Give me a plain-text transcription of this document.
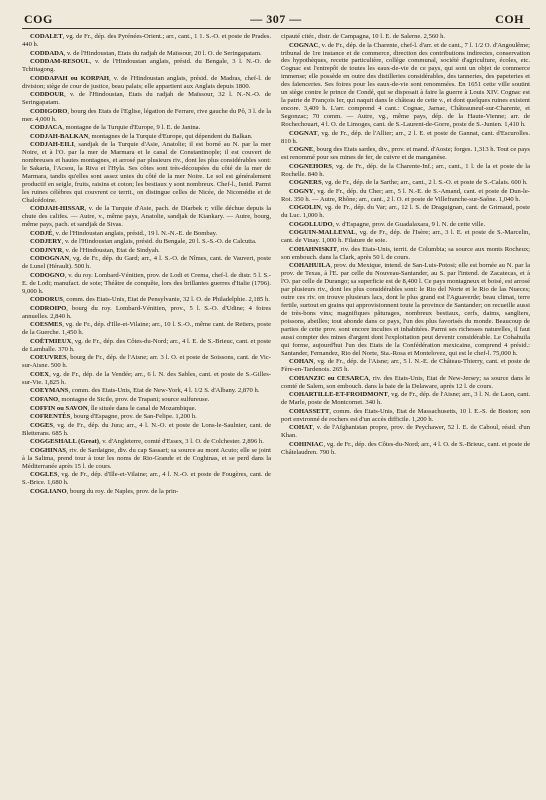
COG	— 307 —	COH

CODALET, vg. de Fr., dép. des Pyrénées-Orient.; arr., cant., 1 1. S.-O. et poste de Prades. 440 h.

CODDADA, v. de l'Hindoustan, Etats du radjah de Maïssour, 20 l. O. de Seringapatam.

CODDAM-RESOUL, v. de l'Hindoustan anglais, présid. du Bengale, 3 l. N.-O. de Tchittagong.

CODDAPAH ou KORPAH, v. de l'Hindoustan anglais, présid. de Madras, chef-l. de division; siège de cour de justice, beau palais; elle appartient aux Anglais depuis 1800.

CODDOUR, v. de l'Hindoustan, Etats du radjah de Maïssour, 32 l. N.-N.-O. de Seringapatam.

CODIGORO, bourg des Etats de l'Eglise, légation de Ferrare, rive gauche du Pô, 3 l. de la mer. 4,000 h.

CODJACA, montagne de la Turquie d'Europe, 9 l. E. de Janina.

CODJAH-BALKAN, montagnes de la Turquie d'Europe, qui dépendent du Balkan.

CODJAH-EILI, sandjak de la Turquie d'Asie, Anatolie; il est borné au N. par la mer Noire, et à l'O. par la mer de Marmara et le canal de Constantinople; il est couvert de nombreuses et hautes montagnes, et arrosé par plusieurs riv., dont les plus considérables sont: le Sakaria, l'Acsou, la Riva et l'Hyla. Ses côtes sont très-découpées du côté de la mer de Marmara, tandis qu'elles sont assez unies du côté de la mer Noire. Le sol est généralement productif en seigle, fruits, raisins et coton; les bestiaux y sont nombreux. Chef-l., Isnid. Parmi les ruines célèbres qui couvrent ce territ., on distingue celles de Nicée, de Nicomédie et de Chalcédoine.

CODJAH-HISSAR, v. de la Turquie d'Asie, pach. de Diarbek r; ville déchue depuis la chute des califes. — Autre, v., même pays, Anatolie, sandjak de Kiankary. — Autre, bourg, même pays, pach. et sandjak de Sivas.

CODJÉ, v. de l'Hindoustan anglais, présid., 19 l. N.-N.-E. de Bombay.

CODJERY, v. de l'Hindoustan anglais, présid. du Bengale, 20 l. S.-S.-O. de Calcutta.

CODJNYR, v. de l'Hindoustan, Etat de Sindyah.

CODOGNAN, vg. de Fr., dép. du Gard; arr., 4 l. S.-O. de Nîmes, cant. de Vauvert, poste de Lunel (Hérault). 500 h.

CODOGNO, v. du roy. Lombard-Vénitien, prov. de Lodi et Crema, chef-l. de distr. 5 l. S.-E. de Lodi; manufact. de soie; Théâtre de conquête, lors des brillantes guerres d'Italie (1796). 9,000 h.

CODORUS, comm. des Etats-Unis, Etat de Pensylvanie, 32 l. O. de Philadelphie. 2,185 h.

CODROIPO, bourg du roy. Lombard-Vénitien, prov., 5 l. S.-O. d'Udine; 4 foires annuelles. 2,840 h.

COESMES, vg. de Fr., dép. d'Ille-et-Vilaine; arr., 10 l. S.-O., même cant. de Retiers, poste de la Guerche. 1,450 h.

COËTMIEUX, vg. de Fr., dép. des Côtes-du-Nord; arr., 4 l. E. de S.-Brieuc, cant. et poste de Lamballe. 370 h.

COEUVRES, bourg de Fr., dép. de l'Aisne; arr. 3 l. O. et poste de Soissons, cant. de Vic-sur-Aisne. 500 h.

COEX, vg. de Fr., dép. de la Vendée; arr., 6 l. N. des Sables, cant. et poste de S.-Gilles-sur-Vie. 1,825 h.

COEYMANS, comm. des Etats-Unis, Etat de New-York, 4 l. 1/2 S. d'Albany. 2,870 h.

COFANO, montagne de Sicile, prov. de Trapani; source sulfureuse.

COFFIN ou SAVON, île située dans le canal de Mozambique.

COFRENTÈS, bourg d'Espagne, prov. de San-Felipe. 1,200 h.

COGES, vg. de Fr., dép. du Jura; arr., 4 l. N.-O. et poste de Lons-le-Saulnier, cant. de Bletterans. 685 h.

COGGESHALL (Great), v. d'Angleterre, comté d'Essex, 3 l. O. de Colchester. 2,896 h.

COGHINAS, riv. de Sardaigne, div. du cap Sassari; sa source au mont Acuto; elle se joint à la Salima, prend tour à tour les noms de Rio-Grande et de Coghinas, et se perd dans la Méditerranée après 15 l. de cours.

COGLES, vg. de Fr., dép. d'Ille-et-Vilaine; arr., 4 l. N.-O. et poste de Fougères, cant. de S.-Brice. 1,680 h.

COGLIANO, bourg du roy. de Naples, prov. de la prin-

cipauté citér., distr. de Campagna, 10 l. E. de Salerne. 2,560 h.

COGNAC, v. de Fr., dép. de la Charente, chef-l. d'arr. et de cant., 7 l. 1/2 O. d'Angoulême; tribunal de 1re instance et de commerce, direction des contributions indirectes, conservation des hypothèques, recette particulière, collège communal, société d'agriculture, écoles, etc. Cognac est l'entrepôt de toutes les eaux-de-vie de ce pays, qui sont un objet de commerce immense; elle possède en outre des distilleries considérables, des tanneries, des papeteries et des faïenceries. Ses foires pour les eaux-de-vie sont renommées. En 1651 cette ville soutint un siège contre le prince de Condé, qui se disposait à faire la guerre à Louis XIV. Cognac est la patrie de François Ier, qui naquit dans le château de cette v., et dont quelques ruines existent encore. 3,409 h. L'arr. comprend 4 cant.: Cognac, Jarnac, Châteauneuf-sur-Charente, et Segonzac; 70 comm. — Autre, vg., même pays, dép. de la Haute-Vienne; arr. de Rochechouart, 4 l. O. de Limoges, cant. de S.-Laurent-de-Gorre, poste de S.-Junien. 1,410 h.

COGNAT, vg. de Fr., dép. de l'Allier; arr., 2 l. E. et poste de Gannat, cant. d'Escurolles. 810 h.

COGNE, bourg des Etats sardes, div., prov. et mand. d'Aoste; forges. 1,313 h. Tout ce pays est renommé pour ses mines de fer, de cuivre et de manganèse.

COGNEHORS, vg. de Fr., dép. de la Charente-Inf.; arr., cant., 1 l. de la et poste de la Rochelle. 840 h.

COGNERS, vg. de Fr., dép. de la Sarthe; arr., cant., 2 l. S.-O. et poste de S.-Calais. 600 h.

COGNY, vg. de Fr., dép. du Cher; arr., 5 l. N.-E. de S.-Amand, cant. et poste de Dun-le-Roi. 350 h. — Autre, Rhône; arr., cant., 2 l. O. et poste de Villefranche-sur-Saône. 1,040 h.

COGOLIN, vg. de Fr., dép. du Var; arr., 12 l. S. de Draguignan, cant. de Grimaud, poste du Luc. 1,000 h.

COGOLLUDO, v. d'Espagne, prov. de Guadalaxara, 9 l. N. de cette ville.

COGUIN-MALLEVAL, vg. de Fr., dép. de l'Isère; arr., 3 l. E. et poste de S.-Marcelin, cant. de Vinay. 1,000 h. Filature de soie.

COHAHNISKIT, riv. des Etats-Unis, territ. de Columbia; sa source aux monts Rocheux; son embouch. dans la Clark, après 50 l. de cours.

COHAHUILA, prov. du Mexique, intend. de San-Luis-Potosi; elle est bornée au N. par la prov. de Texas, à l'E. par celle du Nouveau-Santander, au S. par l'intend. de Zacatecas, et à l'O. par celle de Durango; sa superficie est de 8,400 l. Ce pays montagneux et boisé, est arrosé par plusieurs riv., dont les plus considérables sont: le Rio del Norte et le Rio de las Nueces; outre ces riv. on trouve plusieurs lacs, dont le plus grand est l'Aguaverde; beau climat, terre fertile, surtout en grains qui approvisionnent toute la province de Santander; on recueille aussi de très-bons vins; magnifiques pâturages, nombreux bestiaux, cerfs, daims, sangliers, poissons, abeilles; tout abonde dans ce pays, l'un des plus favorisés du monde. Beaucoup de parties de cette prov. sont encore incultes et inhabitées. Parmi ses richesses naturelles, il faut aussi compter des mines d'argent dont l'exploitation peut devenir considérable. Le Cohahuila qui forme, aujourd'hui l'un des Etats de la Confédération mexicaine, comprend 4 présid.: Santander, Fernandez, Rio del Norte, Sta.-Rosa et Montelovez, qui est le chef-l. 75,000 h.

COHAN, vg. de Fr., dép. de l'Aisne; arr., 5 l. N.-E. de Château-Thierry, cant. et poste de Fère-en-Tardenois. 265 h.

COHANZIC ou CESARCA, riv. des Etats-Unis, Etat de New-Jersey; sa source dans le comté de Salem, son embouch. dans la baie de la Delaware, après 12 l. de cours.

COHARTILLE-ET-FROIDMONT, vg. de Fr., dép. de l'Aisne; arr., 3 l. N. de Laon, cant. de Marle, poste de Montcornet. 340 h.

COHASSETT, comm. des Etats-Unis, Etat de Massachusetts, 10 l. E.-S. de Boston; son port environné de rochers est d'un accès difficile. 1,200 h.

COHAT, v. de l'Afghanistan propre, prov. de Peychawer, 52 l. E. de Caboul, résid. d'un Khan.

COHINIAC, vg. de Fr., dép. des Côtes-du-Nord; arr., 4 l. O. de S.-Brieuc, cant. et poste de Châtelaudren. 790 h.
